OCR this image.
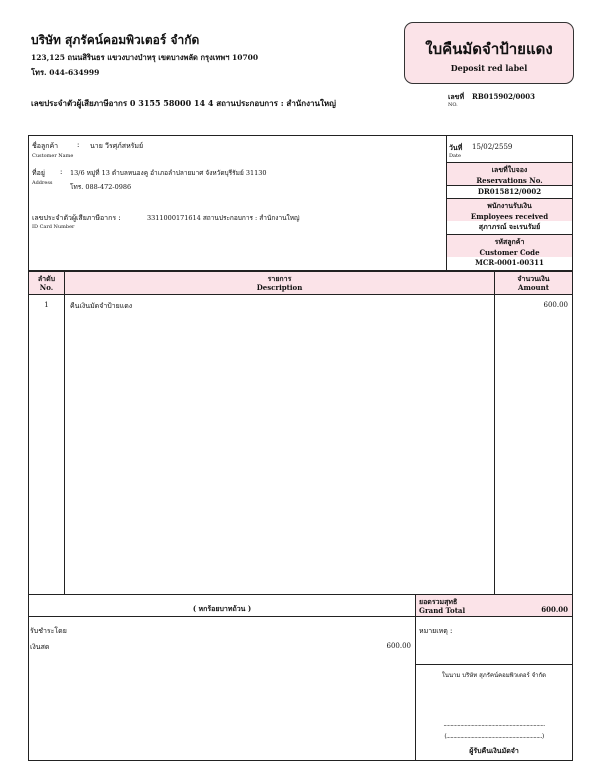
บริษัท สุภรัคน์คอมพิวเตอร์ จำกัด
123,125 ถนนสิรินธร แขวงบางบำหรุ เขตบางพลัด กรุงเทพฯ 10700
โทร. 044-634999
เลขประจำตัวผู้เสียภาษีอากร 0 3155 58000 14 4 สถานประกอบการ : สำนักงานใหญ่
ใบคืนมัดจำป้ายแดง
Deposit red label
เลขที่ RB015902/0003
NO.
ชื่อลูกค้า	: นาย วีรศุภ์สหรัมย์
Customer Name
ที่อยู่ : 13/6 หมู่ที่ 13 ตำบลหนองคู อำเภอลำปลายมาศ จังหวัดบุรีรัมย์ 31130
Address	โทร. 088-472-0986
เลขประจำตัวผู้เสียภาษีอากร :	3311000171614 สถานประกอบการ : สำนักงานใหญ่
ID Card Number
วันที่
Date
15/02/2559
เลขที่ใบจอง
Reservations No.
DR015812/0002
พนักงานรับเงิน
Employees received
สุภาภรณ์ จะเรนรัมย์
รหัสลูกค้า
Customer Code
MCR-0001-00311
ลำดับ
No.
รายการ
Description
จำนวนเงิน
Amount
1	คืนเงินมัดจำป้ายแดง	600.00
( หกร้อยบาทถ้วน )
ยอดรวมสุทธิ
Grand Total	600.00
รับชำระโดย
เงินสด	600.00
หมายเหตุ :
ในนาม บริษัท สุภรัคน์คอมพิวเตอร์ จำกัด
........................................................................
(....................................................................)
ผู้รับคืนเงินมัดจำ
